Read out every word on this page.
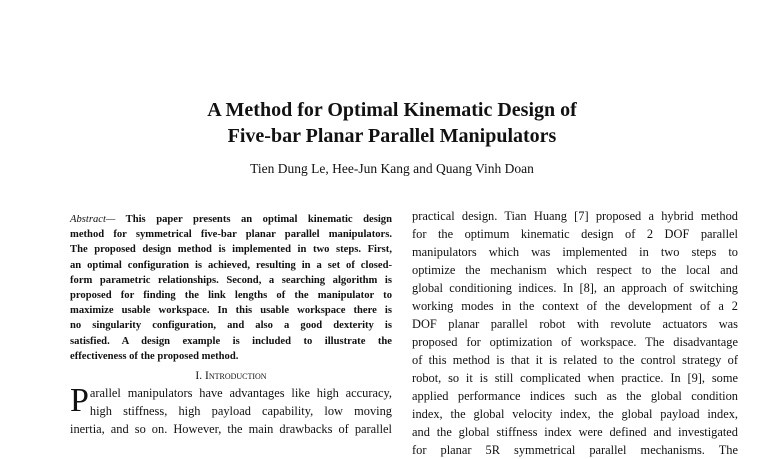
A Method for Optimal Kinematic Design of
Five-bar Planar Parallel Manipulators
Tien Dung Le, Hee-Jun Kang and Quang Vinh Doan
Abstract— This paper presents an optimal kinematic design
method for symmetrical five-bar planar parallel manipulators.
The proposed design method is implemented in two steps. First,
an optimal configuration is achieved, resulting in a set of closed-
form parametric relationships. Second, a searching algorithm is
proposed for finding the link lengths of the manipulator to
maximize usable workspace. In this usable workspace there is
no singularity configuration, and also a good dexterity is
satisfied. A design example is included to illustrate the
effectiveness of the proposed method.
I. Introduction
P arallel manipulators have advantages like high accuracy,
high stiffness, high payload capability, low moving
inertia, and so on. However, the main drawbacks of parallel
practical design. Tian Huang [7] proposed a hybrid method
for the optimum kinematic design of 2 DOF parallel
manipulators which was implemented in two steps to
optimize the mechanism which respect to the local and
global conditioning indices. In [8], an approach of switching
working modes in the context of the development of a 2
DOF planar parallel robot with revolute actuators was
proposed for optimization of workspace. The disadvantage
of this method is that it is related to the control strategy of
robot, so it is still complicated when practice. In [9], some
applied performance indices such as the global condition
index, the global velocity index, the global payload index,
and the global stiffness index were defined and investigated
for planar 5R symmetrical parallel mechanisms. The
